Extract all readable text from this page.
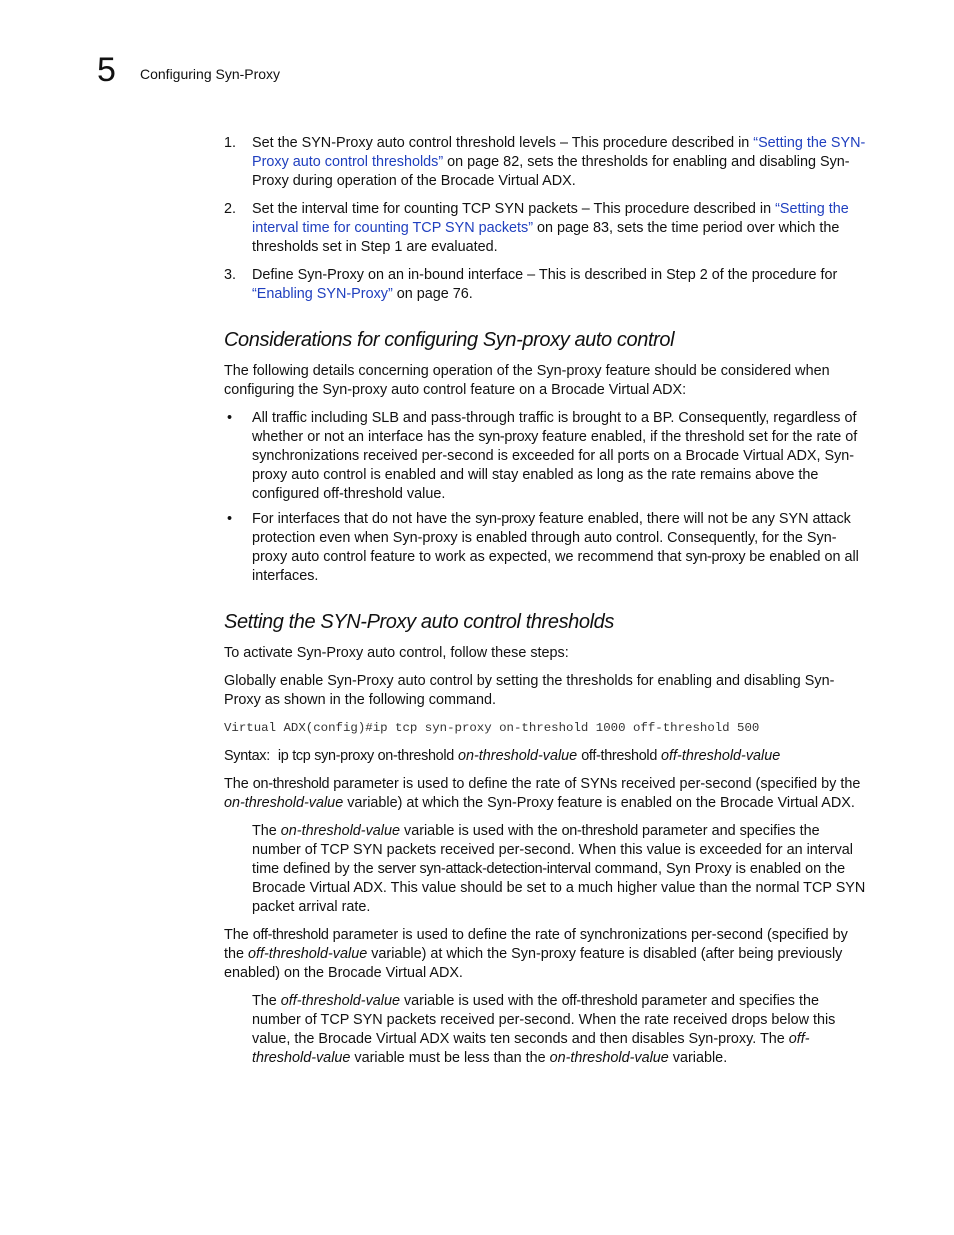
5 Configuring Syn-Proxy
1. Set the SYN-Proxy auto control threshold levels – This procedure described in “Setting the SYN-Proxy auto control thresholds” on page 82, sets the thresholds for enabling and disabling Syn-Proxy during operation of the Brocade Virtual ADX.
2. Set the interval time for counting TCP SYN packets – This procedure described in “Setting the interval time for counting TCP SYN packets” on page 83, sets the time period over which the thresholds set in Step 1 are evaluated.
3. Define Syn-Proxy on an in-bound interface – This is described in Step 2 of the procedure for “Enabling SYN-Proxy” on page 76.
Considerations for configuring Syn-proxy auto control

The following details concerning operation of the Syn-proxy feature should be considered when configuring the Syn-proxy auto control feature on a Brocade Virtual ADX:

• All traffic including SLB and pass-through traffic is brought to a BP. Consequently, regardless of whether or not an interface has the syn-proxy feature enabled, if the threshold set for the rate of synchronizations received per-second is exceeded for all ports on a Brocade Virtual ADX, Syn-proxy auto control is enabled and will stay enabled as long as the rate remains above the configured off-threshold value.
• For interfaces that do not have the syn-proxy feature enabled, there will not be any SYN attack protection even when Syn-proxy is enabled through auto control. Consequently, for the Syn-proxy auto control feature to work as expected, we recommend that syn-proxy be enabled on all interfaces.
Setting the SYN-Proxy auto control thresholds

To activate Syn-Proxy auto control, follow these steps:

Globally enable Syn-Proxy auto control by setting the thresholds for enabling and disabling Syn-Proxy as shown in the following command.

Virtual ADX(config)#ip tcp syn-proxy on-threshold 1000 off-threshold 500

Syntax: ip tcp syn-proxy on-threshold on-threshold-value off-threshold off-threshold-value

The on-threshold parameter is used to define the rate of SYNs received per-second (specified by the on-threshold-value variable) at which the Syn-Proxy feature is enabled on the Brocade Virtual ADX.

The on-threshold-value variable is used with the on-threshold parameter and specifies the number of TCP SYN packets received per-second. When this value is exceeded for an interval time defined by the server syn-attack-detection-interval command, Syn Proxy is enabled on the Brocade Virtual ADX. This value should be set to a much higher value than the normal TCP SYN packet arrival rate.

The off-threshold parameter is used to define the rate of synchronizations per-second (specified by the off-threshold-value variable) at which the Syn-proxy feature is disabled (after being previously enabled) on the Brocade Virtual ADX.

The off-threshold-value variable is used with the off-threshold parameter and specifies the number of TCP SYN packets received per-second. When the rate received drops below this value, the Brocade Virtual ADX waits ten seconds and then disables Syn-proxy. The off-threshold-value variable must be less than the on-threshold-value variable.
